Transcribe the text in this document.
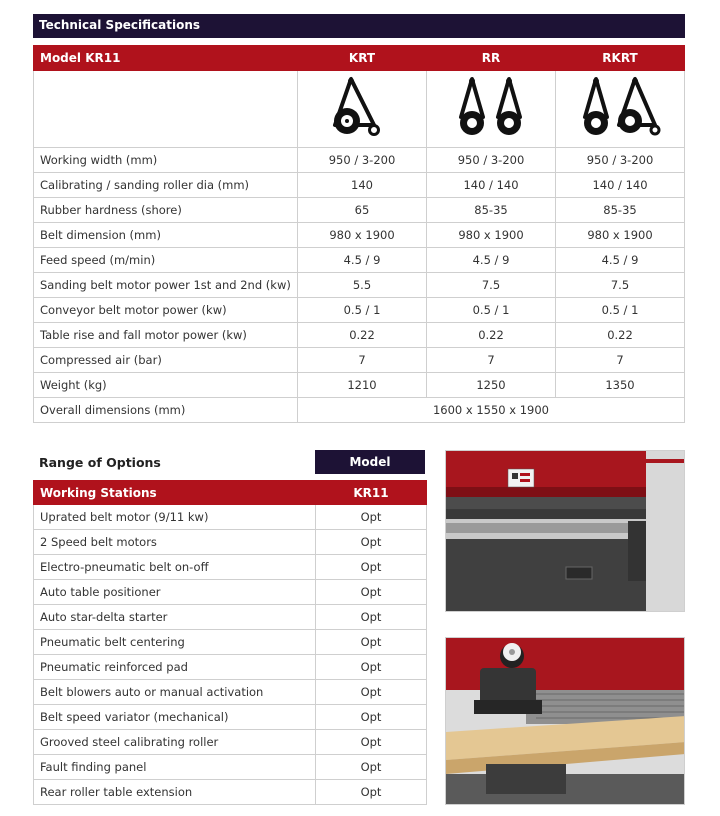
Technical Specifications
Model KR11	KRT	RR	RKRT

Working width (mm)	950 / 3-200	950 / 3-200	950 / 3-200
Calibrating / sanding roller dia (mm)	140	140 / 140	140 / 140
Rubber hardness (shore)	65	85-35	85-35
Belt dimension (mm)	980 x 1900	980 x 1900	980 x 1900
Feed speed (m/min)	4.5 / 9	4.5 / 9	4.5 / 9
Sanding belt motor power 1st and 2nd (kw)	5.5	7.5	7.5
Conveyor belt motor power (kw)	0.5 / 1	0.5 / 1	0.5 / 1
Table rise and fall motor power (kw)	0.22	0.22	0.22
Compressed air (bar)	7	7	7
Weight (kg)	1210	1250	1350
Overall dimensions (mm)	1600 x 1550 x 1900		
Range of Options	Model
Working Stations	KR11
Uprated belt motor (9/11 kw)	Opt
2 Speed belt motors	Opt
Electro-pneumatic belt on-off	Opt
Auto table positioner	Opt
Auto star-delta starter	Opt
Pneumatic belt centering	Opt
Pneumatic reinforced pad	Opt
Belt blowers auto or manual activation	Opt
Belt speed variator (mechanical)	Opt
Grooved steel calibrating roller	Opt
Fault finding panel	Opt
Rear roller table extension	Opt
